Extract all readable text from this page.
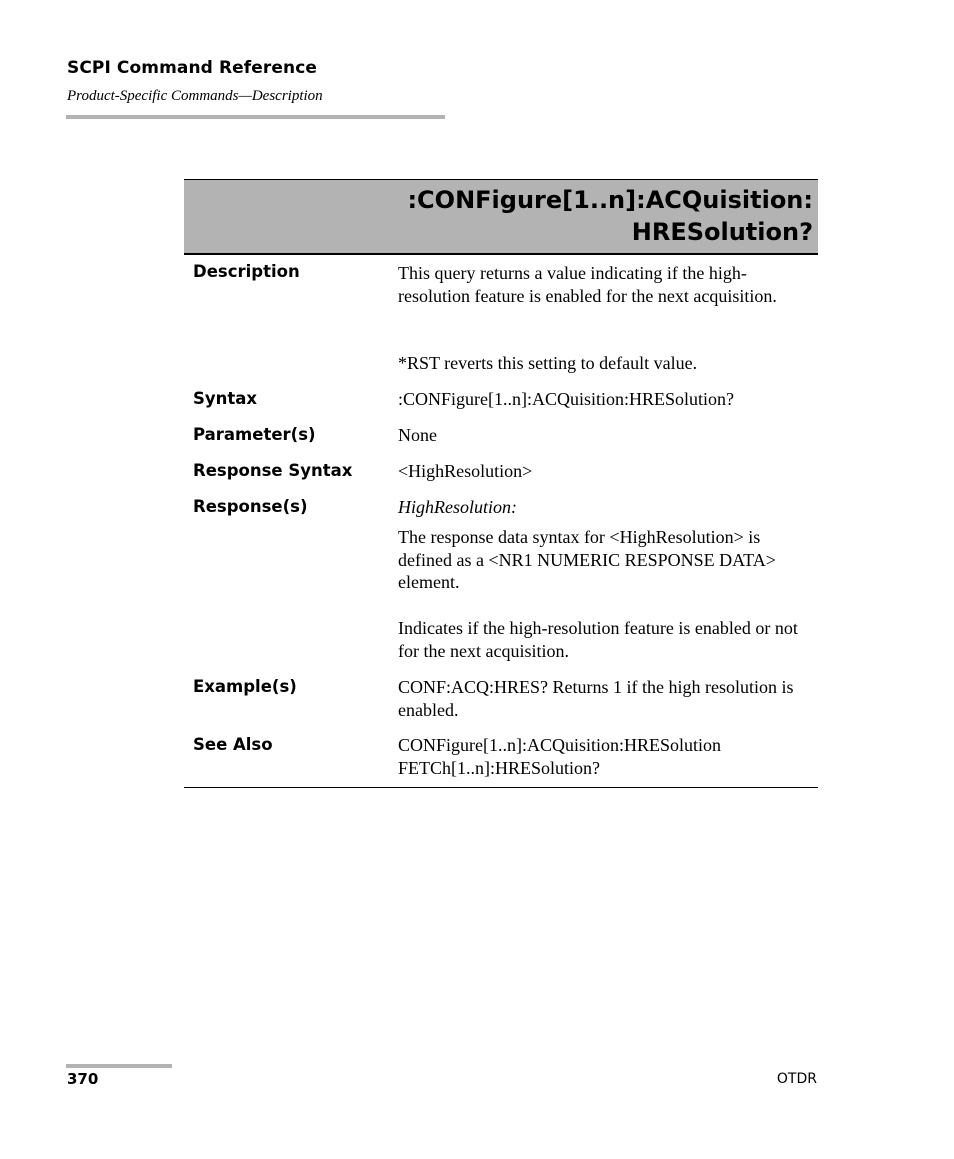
SCPI Command Reference
Product-Specific Commands—Description
:CONFigure[1..n]:ACQuisition:
HRESolution?
Description	This query returns a value indicating if the high-resolution feature is enabled for the next acquisition.
*RST reverts this setting to default value.
Syntax	:CONFigure[1..n]:ACQuisition:HRESolution?
Parameter(s)	None
Response Syntax	<HighResolution>
Response(s)	HighResolution:
The response data syntax for <HighResolution> is defined as a <NR1 NUMERIC RESPONSE DATA> element.
Indicates if the high-resolution feature is enabled or not for the next acquisition.
Example(s)	CONF:ACQ:HRES? Returns 1 if the high resolution is enabled.
See Also	CONFigure[1..n]:ACQuisition:HRESolution
FETCh[1..n]:HRESolution?
370	OTDR
